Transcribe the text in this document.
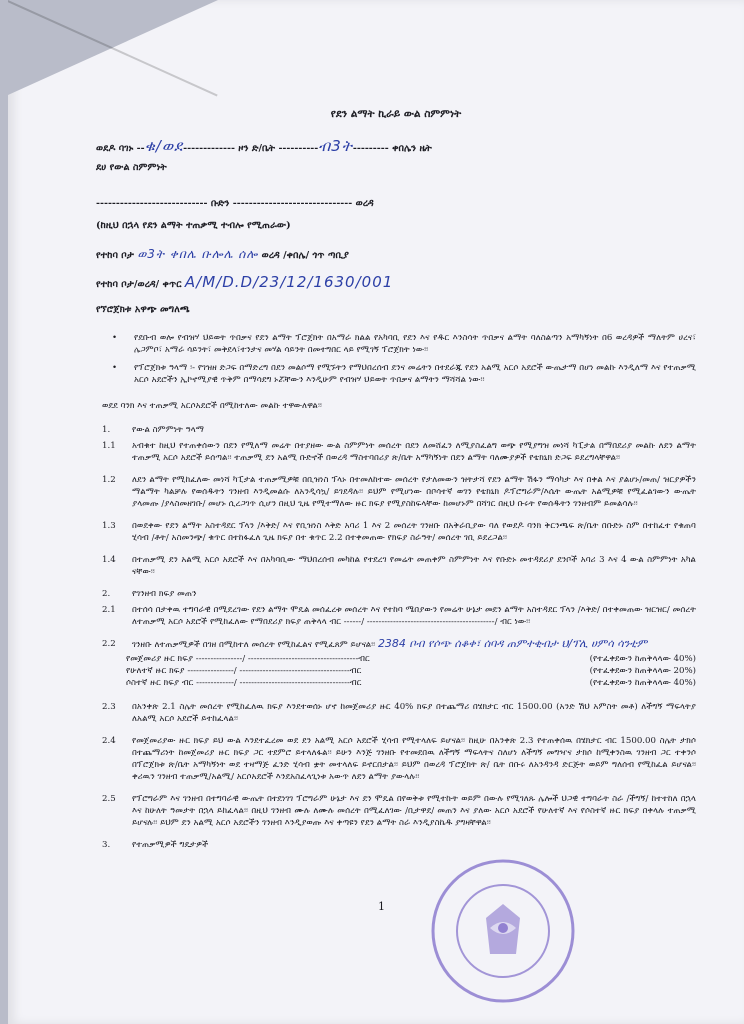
የደን ልማት ኪራይ ውል ስምምነት
ወደዶ ባገኑ --ቁ/ወደ------------- ዞን ድ/ቤት ----------ብ3ት--------- ቀበሌን ዜት
ደሀ የውል ስምምነት
---------------------------- ቡድን ------------------------------ ወረዳ
(ከዚህ በኋላ የደን ልማት ተጠቃሚ ተብሎ የሚጠራው)
የተከባ ቦታ ወ3ት ቀበሌ ቡሎሌ ሰሎ ወረዳ /ቀበሌ/ ጎጥ ጣቢያ
የተከባ ቦታ/ወረዳ/ ቀጥር A/M/D.D/23/12/1630/001
የኘሮጀክቱ አዋጭ መግለጫ
• የደቡብ ወሎ የብዝሃ ህይወት ጥበቃና የደን ልማት ፕሮጀክት በአማራ ክልል የአካባቢ የደን እና የዱር እንስሳት ጥበቃና ልማት ባለስልጣን አማካኝነት በ6 ወረዳዎች ማለትም ሀረና፣ ሌጋምቦ፣ አማራ ሳይንት፣ መቅደላ፣ተንታና መሃል ሳይንት በመተግበር ላይ የሚገኝ ፕሮጀክት ነው፡፡
• የፕሮጀክቱ ዓላማ ፡- የገዝዘ ድጋፍ በማድረግ በደን መልሶማ የሚኙትን የማህበረሰብ ደንና መሬትን በተደራጁ የደን አልሚ አርሶ አደሮች ውጤታማ በሆነ መልኩ እንዲለማ እና የተጠቃሚ አርሶ አደሮችን ኢኮኖሚያዊ ጥቅም በማሳደግ ኑሯቸውን እንዲሁም የብዝሃ ህይወት ጥበቃና ልማትን ማሻሻል ነው፡፡
ወደደ ባንክ እና ተጠቃሚ አርሶአደሮች በሚከተለው መልኩ ተዋውለዋል፡፡
1.	የውል ስምምነት ዓላማ
1.1	አብቁተ ከዚህ የተጠቀሰውን በደን የሚለማ መሬት በተያዘው ውል ስምምነት መሰረት በደን ለመሸፈን ለሚያስፈልግ ወጭ የሚያግዝ መነሻ ካፒታል በማበደሪያ መልኩ ለደን ልማት ተጠቃሚ አርሶ አደሮች ይሰጣል፡፡ ተጠቃሚ ደን አልሚ ቡድኖች በወረዳ ማስተባበሪያ ጽ/ቤት አማካኝነት በደን ልማት ባለሙያዎች የቴክኒክ ድጋፍ ይደረግላቸዋል፡፡
1.2	ለደን ልማት የሚከፈለው መነሻ ካፒታል ተጠቃሚዎቹ በቢዝነስ ፕላኑ በተመለከተው መሰረት የታለመውን ዝትታሻ የደን ልማት ሽፋን ማሳካታ እና በቀል እና ያልሆኑ/መጠ/ ዝርያዎችን ማልማት ካልቻሉ የወሰዱትን ገንዘብ እንዲመልሱ ለአንዲሳኳ/ ይገደዳሉ፡፡ ይህም የሚሆነው በቦሳተኛ ወገን የቴክኒክ ዶፕሮግራም/እሴት ውጤት አልሚዎቹ የሚፈልገውን ውጤት ያላመጡ /ያላስመዘገቡ/ መሆኑ ሲረጋገጥ ሲሆን በዚህ ጊዜ የሚተማለው ዙር ክፍያ የሚያስከፍላቸው ከመሆኑም በሻገር በዚህ ቡሩት የወሰዱትን ገንዘብም ይመልሳሉ፡፡
1.3	በወደቀው የደን ልማት አስተዳደር ፕላን /እቅድ/ እና የቢዝነስ እቅድ አባሪ 1 እና 2 መሰረት ገንዘቡ በአቅራቢያው ባለ የወደዶ ባንክ ቅርንጫፍ ጽ/ቤት በቡድኑ ስም በተከፈተ የቁጠባ ሂሳብ /ቶት/ አስመንጭ/ ቁጥር በተከፋፈለ ጊዜ ክፍያ በተ ቁጥር 2.2 በተቀመጠው የክፍያ ስራዓት/ መሰረት ገቢ ይደረጋል፡፡
1.4	በተጠቃሚ ደን አልሚ አርሶ አደሮች እና በአካባቢው ማህበረሰብ መካከል የተደረገ የመሬት መጠቀም ስምምነት እና የቡድኑ መተዳደሪያ ደንቦች አባሪ 3 እና 4 ውል ስምምነት አካል ናቸው፡፡
2.	የገንዘብ ክፍያ መጠን
2.1	በተሰሳ በታቀዉ ተግባራዊ በሚደረገው የደን ልማት ሞዴል መሰፈረቱ መሰረት እና የተከባ ሜበያውን የመሬት ሁኔታ መደን ልማት አስተዳደር ፕላን /እቅድ/ በተቀመጠው ዝርዝር/ መሰረት ለተጠቃሚ አርሶ አደሮች የሚከፈለው የማበደሪያ ክፍያ ጠቅላላ ብር ------/ --------------------------------------------/ ብር ነው፡፡
2.2	ገንዘቡ ለተጠቃሚዎች በገዘ በሚከተለ መሰረት የሚከፈልና የሚፈጸም ይሆናል፡፡ 2384 ቦብ የሶጭ ሰቆቀ፣ ሰባዳ ጠምተቂብታ ህ/ፕሊ ሀምሳ ሳንቲም
የመጀመሪያ ዙር ክፍያ ----------------/ --------------------------------------ብር	(የተፈቀደውን ከጠቅላላው 40%)
የሁለተኛ ዙር ክፍያ ----------------/ --------------------------------------ብር	(የተፈቀደውን ከጠቅላላው 20%)
ሶስተኛ ዙር ክፍያ ብር -------------/ --------------------------------------ብር	(የተፈቀደውን ከጠቅላላው 40%)
2.3	በአንቀጽ 2.1 ስሌት መሰረት የሚከፈለዉ ክፍያ እንደተወሰኑ ሆኖ ከመጀመሪያ ዙር 40% ክፍያ በተጨማሪ በሄክታር ብር 1500.00 (አንድ ሽህ አምስት መቶ) ለችግኝ ማፍላትያ ለአልሚ አርሶ አደሮች ይተከፈላል፡፡
2.4	የመጀመሪያው ዙር ክፍያ ይህ ውል እንደተፈረመ ወደ ደን አልሚ አርሶ አደሮች ሂሳብ የሚተላለፍ ይሆናል፡፡ ከዚሁ በአንቀጽ 2.3 የተጠቀሰዉ በሄክታር ብር 1500.00 ስሌት ታክሶ በተጨማሪነት ከመጀመሪያ ዙር ክፍያ ጋር ተደምሮ ይተላለፋል፡፡ ይሁን እንጅ ገንዘቡ የተመደበዉ ለችግኝ ማፍላትና ስለሆነ ለችግኝ መግዣና ታክሶ ከሚቀንስዉ ገንዘብ ጋር ተቀንሶ በፕሮጀክቱ ጽ/ቤት አማካኝነት ወደ ተዛማጅ ፈንድ ሂሳብ ቋት መተላለፍ ይኖርበታል፡፡ ይህም በወረዳ ፕሮጀክት ጽ/ ቤት በቡሩ ለአንዳንዳ ድርጅት ወይም ግለሰብ የሚከፈል ይሆናል፡፡ ቀሪዉን ገንዘብ ተጠቃሚ/አልሚ/ አርሶአደሮች እንደአስፈላጊነቱ አውጥ ለደን ልማት ያውላሉ፡፡
2.5	የፕሮግራም እና ገንዘብ በተግባራዊ ውጤት በተደነገገ ፕሮግራም ሁኔታ እና ደን ሞዴል በየወቅቱ የሚተኩት ወይም በውሉ የሚገለጹ ሌሎች ህጋዊ ተግባራት ስራ /ችግኝ/ ከተተከለ በኋላ እና ከሁለት ዓመታት በኋላ ይከፈላል፡፡ በዚህ ገንዘብ ሙሉ ለሙሉ መሰረት በሚፈለገው /ቢታዋደ/ መጠን እና ያለው አርሶ አደሮች የሁለተኛ እና የሶስተኛ ዙር ክፍያ በቀላሉ ተጠቃሚ ይሆናሉ፡፡ ይህም ደን አልሚ አርሶ አደሮችን ገንዘብ እንዲያወጡ እና ቀጣዩን የደን ልማት ስራ እንዲያስኬዱ ያግዛቸዋል፡፡
3.	የተጠቃሚዎች ግዴታዎች
1
